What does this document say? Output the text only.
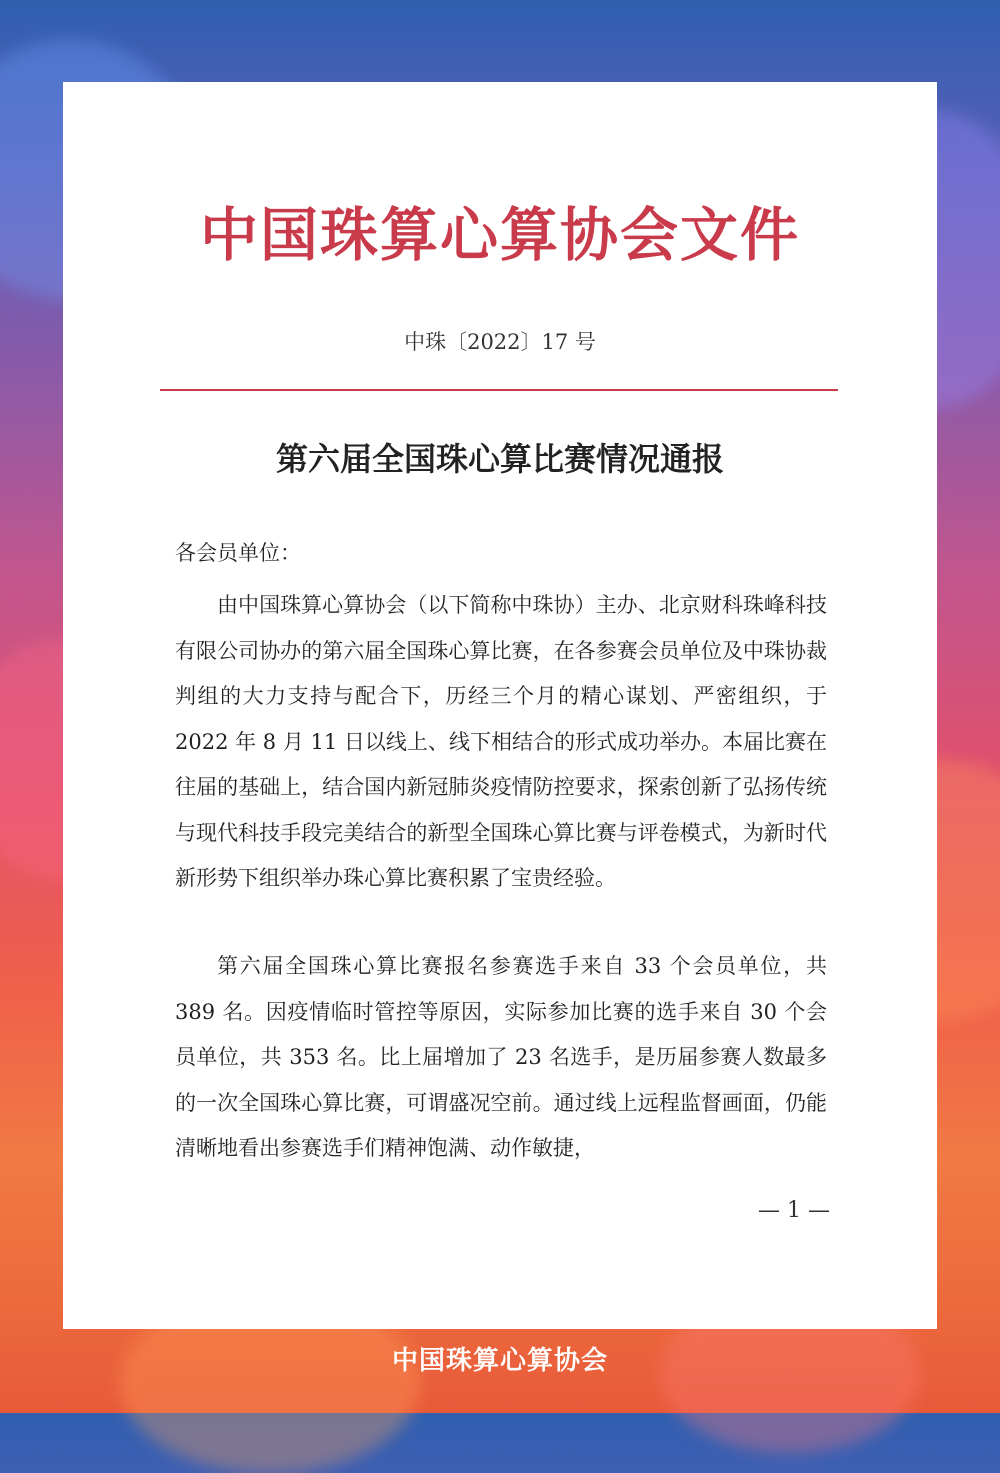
中国珠算心算协会文件
中珠〔2022〕17 号
第六届全国珠心算比赛情况通报
各会员单位：

由中国珠算心算协会（以下简称中珠协）主办、北京财科珠峰科技有限公司协办的第六届全国珠心算比赛，在各参赛会员单位及中珠协裁判组的大力支持与配合下，历经三个月的精心谋划、严密组织，于 2022 年 8 月 11 日以线上、线下相结合的形式成功举办。本届比赛在往届的基础上，结合国内新冠肺炎疫情防控要求，探索创新了弘扬传统与现代科技手段完美结合的新型全国珠心算比赛与评卷模式，为新时代新形势下组织举办珠心算比赛积累了宝贵经验。

第六届全国珠心算比赛报名参赛选手来自 33 个会员单位，共 389 名。因疫情临时管控等原因，实际参加比赛的选手来自 30 个会员单位，共 353 名。比上届增加了 23 名选手，是历届参赛人数最多的一次全国珠心算比赛，可谓盛况空前。通过线上远程监督画面，仍能清晰地看出参赛选手们精神饱满、动作敏捷，

— 1 —
中国珠算心算协会
